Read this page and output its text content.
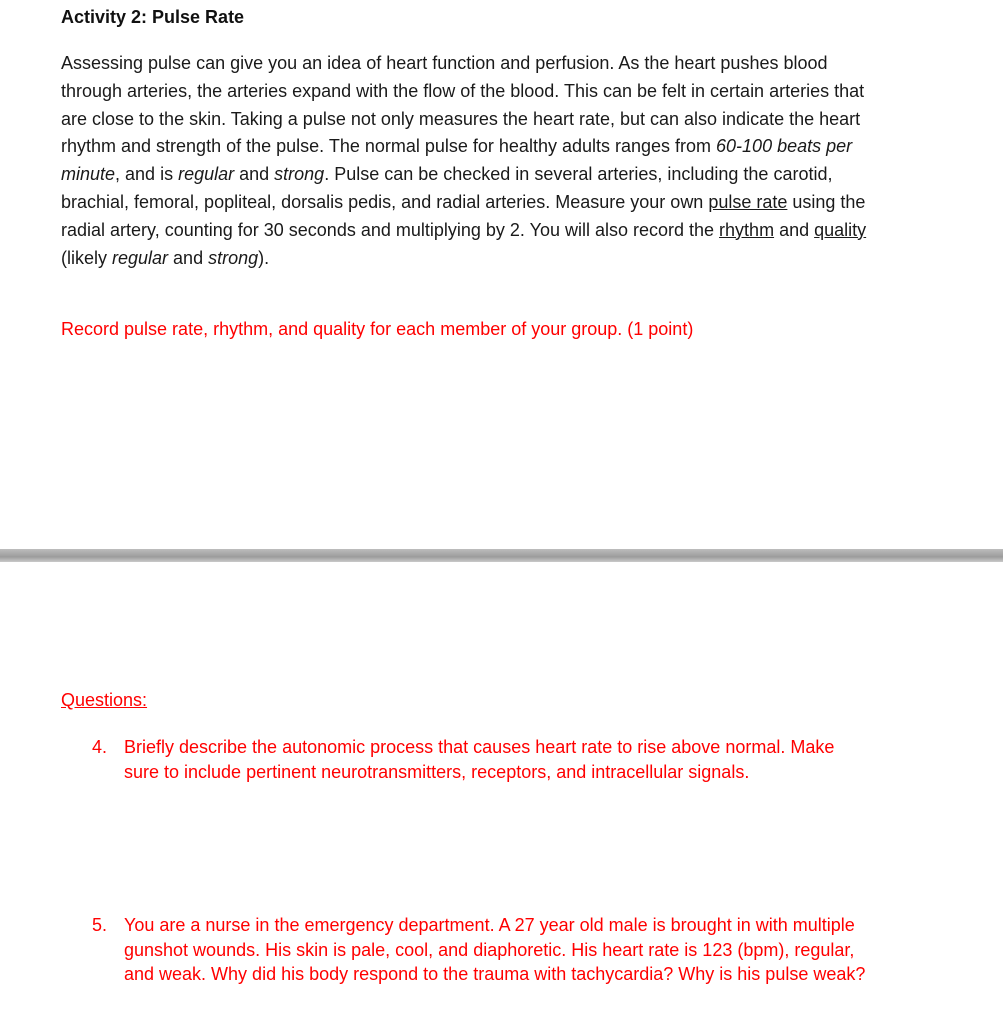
Activity 2: Pulse Rate

Assessing pulse can give you an idea of heart function and perfusion. As the heart pushes blood through arteries, the arteries expand with the flow of the blood. This can be felt in certain arteries that are close to the skin. Taking a pulse not only measures the heart rate, but can also indicate the heart rhythm and strength of the pulse. The normal pulse for healthy adults ranges from 60-100 beats per minute, and is regular and strong. Pulse can be checked in several arteries, including the carotid, brachial, femoral, popliteal, dorsalis pedis, and radial arteries. Measure your own pulse rate using the radial artery, counting for 30 seconds and multiplying by 2. You will also record the rhythm and quality (likely regular and strong).

Record pulse rate, rhythm, and quality for each member of your group. (1 point)
Questions:
4. Briefly describe the autonomic process that causes heart rate to rise above normal. Make sure to include pertinent neurotransmitters, receptors, and intracellular signals.
5. You are a nurse in the emergency department. A 27 year old male is brought in with multiple gunshot wounds. His skin is pale, cool, and diaphoretic. His heart rate is 123 (bpm), regular, and weak. Why did his body respond to the trauma with tachycardia? Why is his pulse weak?
